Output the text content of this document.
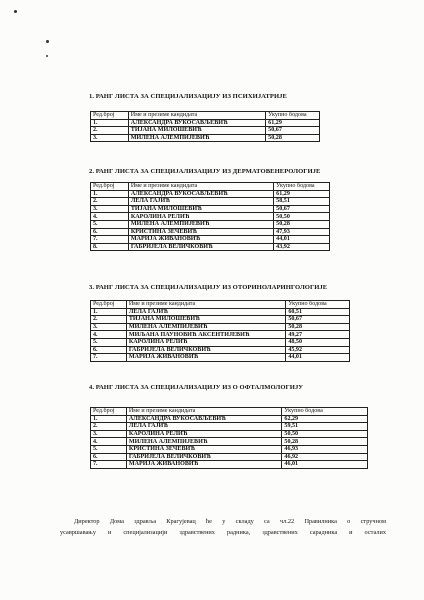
1. РАНГ ЛИСТА ЗА СПЕЦИЈАЛИЗАЦИЈУ ИЗ ПСИХИЈАТРИЈЕ
Ред.број	Име и презиме кандидата	Укупно бодова
1.	АЛЕКСАНДРА ВУКОСАВЉЕВИЋ	61,29
2.	ТИЈАНА МИЛОШЕВИЋ	50,67
3.	МИЛЕНА АЛЕМПИЈЕВИЋ	50,28
2. РАНГ ЛИСТА ЗА СПЕЦИЈАЛИЗАЦИЈУ ИЗ ДЕРМАТОВЕНЕРОЛОГИЈЕ
Ред.број	Име и презиме кандидата	Укупно бодова
1.	АЛЕКСАНДРА ВУКОСАВЉЕВИЋ	61,29
2.	ЛЕЛА ГАЈИЋ	58,51
3.	ТИЈАНА МИЛОШЕВИЋ	50,67
4.	КАРОЛИНА РЕЛИЋ	50,50
5.	МИЛЕНА АЛЕМПИЈЕВИЋ	50,28
6.	КРИСТИНА ЗЕЧЕВИЋ	47,93
7.	МАРИЈА ЖИВАНОВИЋ	44,01
8.	ГАБРИЈЕЛА ВЕЛИЧКОВИЋ	43,92
3. РАНГ ЛИСТА ЗА СПЕЦИЈАЛИЗАЦИЈУ ИЗ ОТОРИНОЛАРИНГОЛОГИЈЕ
Ред.број	Име и презиме кандидата	Укупно бодова
1.	ЛЕЛА ГАЈИЋ	60,51
2.	ТИЈАНА МИЛОШЕВИЋ	50,67
3.	МИЛЕНА АЛЕМПИЈЕВИЋ	50,28
4.	МИЉАНА ПАУНОВИЋ АКСЕНТИЈЕВИЋ	49,27
5.	КАРОЛИНА РЕЛИЋ	48,50
6.	ГАБРИЈЕЛА ВЕЛИЧКОВИЋ	45,92
7.	МАРИЈА ЖИВАНОВИЋ	44,01
4. РАНГ ЛИСТА ЗА СПЕЦИЈАЛИЗАЦИЈУ ИЗ О ОФТАЛМОЛОГИЈУ
Ред.број	Име и презиме кандидата	Укупно бодова
1.	АЛЕКСАНДРА ВУКОСАВЉЕВИЋ	62,29
2.	ЛЕЛА ГАЈИЋ	59,51
3.	КАРОЛИНА РЕЛИЋ	50,50
4.	МИЛЕНА АЛЕМПИЈЕВИЋ	50,28
5.	КРИСТИНА ЗЕЧЕВИЋ	46,93
6.	ГАБРИЈЕЛА ВЕЛИЧКОВИЋ	46,92
7.	МАРИЈА ЖИВАНОВИЋ	46,01
Директор Дома здравља Крагујевац ће у складу са чл.22 Правилника о стручном
усавршавању и специјализацији здравствених радника, здравствених сарадника и осталих
